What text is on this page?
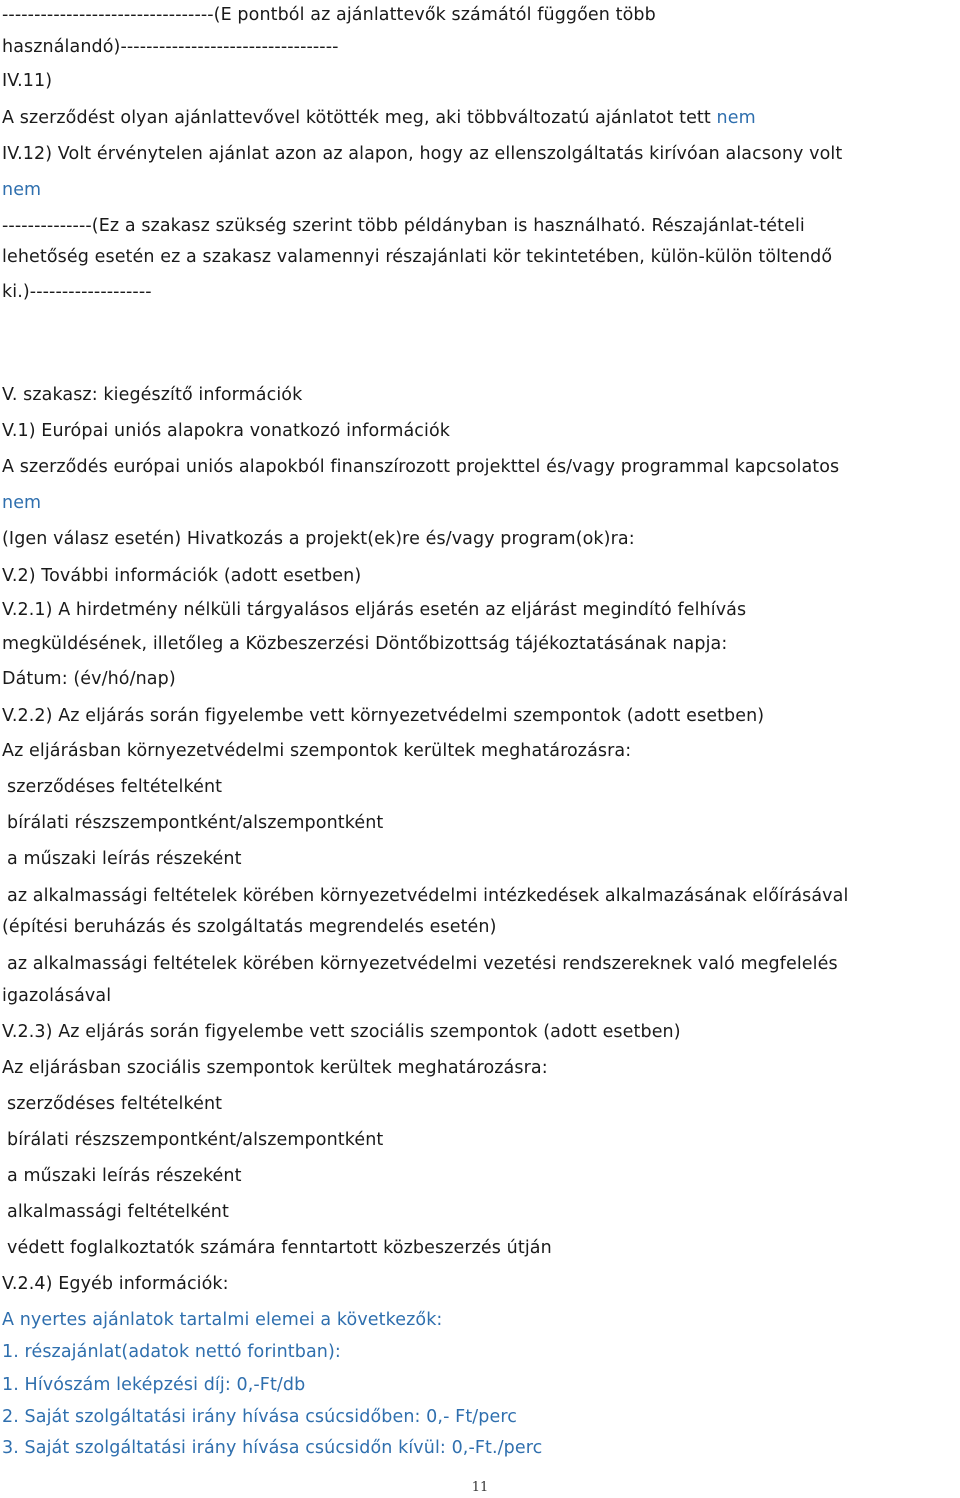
---------------------------------(E pontból az ajánlattevők számától függően több
használandó)----------------------------------
IV.11)
A szerződést olyan ajánlattevővel kötötték meg, aki többváltozatú ajánlatot tett nem
IV.12) Volt érvénytelen ajánlat azon az alapon, hogy az ellenszolgáltatás kirívóan alacsony volt
nem
--------------(Ez a szakasz szükség szerint több példányban is használható. Részajánlat-tételi
lehetőség esetén ez a szakasz valamennyi részajánlati kör tekintetében, külön-külön töltendő
ki.)-------------------
V. szakasz: kiegészítő információk
V.1) Európai uniós alapokra vonatkozó információk
A szerződés európai uniós alapokból finanszírozott projekttel és/vagy programmal kapcsolatos
nem
(Igen válasz esetén) Hivatkozás a projekt(ek)re és/vagy program(ok)ra:
V.2) További információk (adott esetben)
V.2.1) A hirdetmény nélküli tárgyalásos eljárás esetén az eljárást megindító felhívás
megküldésének, illetőleg a Közbeszerzési Döntőbizottság tájékoztatásának napja:
Dátum: (év/hó/nap)
V.2.2) Az eljárás során figyelembe vett környezetvédelmi szempontok (adott esetben)
Az eljárásban környezetvédelmi szempontok kerültek meghatározásra:
szerződéses feltételként
bírálati részszempontként/alszempontként
a műszaki leírás részeként
az alkalmassági feltételek körében környezetvédelmi intézkedések alkalmazásának előírásával
(építési beruházás és szolgáltatás megrendelés esetén)
az alkalmassági feltételek körében környezetvédelmi vezetési rendszereknek való megfelelés
igazolásával
V.2.3) Az eljárás során figyelembe vett szociális szempontok (adott esetben)
Az eljárásban szociális szempontok kerültek meghatározásra:
szerződéses feltételként
bírálati részszempontként/alszempontként
a műszaki leírás részeként
alkalmassági feltételként
védett foglalkoztatók számára fenntartott közbeszerzés útján
V.2.4) Egyéb információk:
A nyertes ajánlatok tartalmi elemei a következők:
1. részajánlat(adatok nettó forintban):
1. Hívószám leképzési díj: 0,-Ft/db
2. Saját szolgáltatási irány hívása csúcsidőben: 0,- Ft/perc
3. Saját szolgáltatási irány hívása csúcsidőn kívül: 0,-Ft./perc
11
